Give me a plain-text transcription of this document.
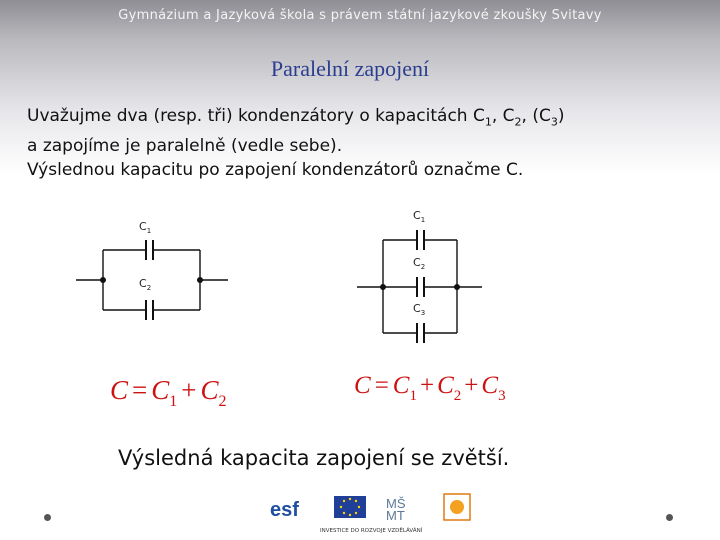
Gymnázium a Jazyková škola s právem státní jazykové zkoušky Svitavy
Paralelní zapojení
Uvažujme dva (resp. tři) kondenzátory o kapacitách $C_1$, $C_2$, $(C_3)$
a zapojíme je paralelně (vedle sebe).
Výslednou kapacitu po zapojení kondenzátorů označme C.
$C_1$
$C_2$
$C_1$
$C_2$
$C_3$
$C = C_1 + C_2$
$C = C_1 + C_2 + C_3$
Výsledná kapacita zapojení se zvětší.
esf	MŠ
MT
INVESTICE DO ROZVOJE VZDĚLÁVÁNÍ
